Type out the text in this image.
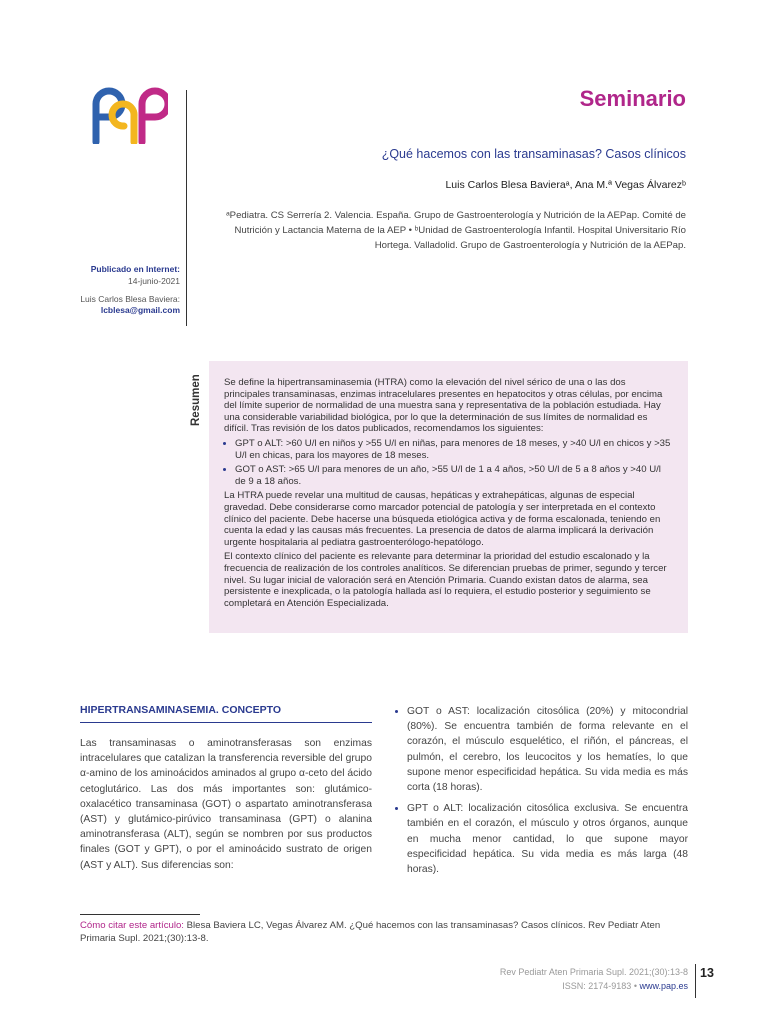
Seminario
¿Qué hacemos con las transaminasas? Casos clínicos
Luis Carlos Blesa Bavieraᵃ, Ana M.ª Vegas Álvarezᵇ
ᵃPediatra. CS Serrería 2. Valencia. España. Grupo de Gastroenterología y Nutrición de la AEPap. Comité de Nutrición y Lactancia Materna de la AEP • ᵇUnidad de Gastroenterología Infantil. Hospital Universitario Río Hortega. Valladolid. Grupo de Gastroenterología y Nutrición de la AEPap.
Publicado en Internet:
14-junio-2021
Luis Carlos Blesa Baviera:
lcblesa@gmail.com
Resumen Se define la hipertransaminasemia (HTRA) como la elevación del nivel sérico de una o las dos principales transaminasas, enzimas intracelulares presentes en hepatocitos y otras células, por encima del límite superior de normalidad de una muestra sana y representativa de la población estudiada. Hay una considerable variabilidad biológica, por lo que la determinación de sus límites de normalidad es difícil. Tras revisión de los datos publicados, recomendamos los siguientes:

• GPT o ALT: >60 U/l en niños y >55 U/l en niñas, para menores de 18 meses, y >40 U/l en chicos y >35 U/l en chicas, para los mayores de 18 meses.
• GOT o AST: >65 U/l para menores de un año, >55 U/l de 1 a 4 años, >50 U/l de 5 a 8 años y >40 U/l de 9 a 18 años.

La HTRA puede revelar una multitud de causas, hepáticas y extrahepáticas, algunas de especial gravedad. Debe considerarse como marcador potencial de patología y ser interpretada en el contexto clínico del paciente. Debe hacerse una búsqueda etiológica activa y de forma escalonada, teniendo en cuenta la edad y las causas más frecuentes. La presencia de datos de alarma implicará la derivación urgente hospitalaria al pediatra gastroenterólogo-hepatólogo.

El contexto clínico del paciente es relevante para determinar la prioridad del estudio escalonado y la frecuencia de realización de los controles analíticos. Se diferencian pruebas de primer, segundo y tercer nivel. Su lugar inicial de valoración será en Atención Primaria. Cuando existan datos de alarma, sea persistente e inexplicada, o la patología hallada así lo requiera, el estudio posterior y seguimiento se completará en Atención Especializada.

HIPERTRANSAMINASEMIA. CONCEPTO
Las transaminasas o aminotransferasas son enzimas intracelulares que catalizan la transferencia reversible del grupo α-amino de los aminoácidos aminados al grupo α-ceto del ácido cetoglutárico. Las dos más importantes son: glutámico-oxalacético transaminasa (GOT) o aspartato aminotransferasa (AST) y glutámico-pirúvico transaminasa (GPT) o alanina aminotransferasa (ALT), según se nombren por sus productos finales (GOT y GPT), o por el aminoácido sustrato de origen (AST y ALT). Sus diferencias son:
• GOT o AST: localización citosólica (20%) y mitocondrial (80%). Se encuentra también de forma relevante en el corazón, el músculo esquelético, el riñón, el páncreas, el pulmón, el cerebro, los leucocitos y los hematíes, lo que supone menor especificidad hepática. Su vida media es más corta (18 horas).
• GPT o ALT: localización citosólica exclusiva. Se encuentra también en el corazón, el músculo y otros órganos, aunque en mucha menor cantidad, lo que supone mayor especificidad hepática. Su vida media es más larga (48 horas).
Cómo citar este artículo: Blesa Baviera LC, Vegas Álvarez AM. ¿Qué hacemos con las transaminasas? Casos clínicos. Rev Pediatr Aten Primaria Supl. 2021;(30):13-8.
Rev Pediatr Aten Primaria Supl. 2021;(30):13-8
ISSN: 2174-9183 • www.pap.es
13
